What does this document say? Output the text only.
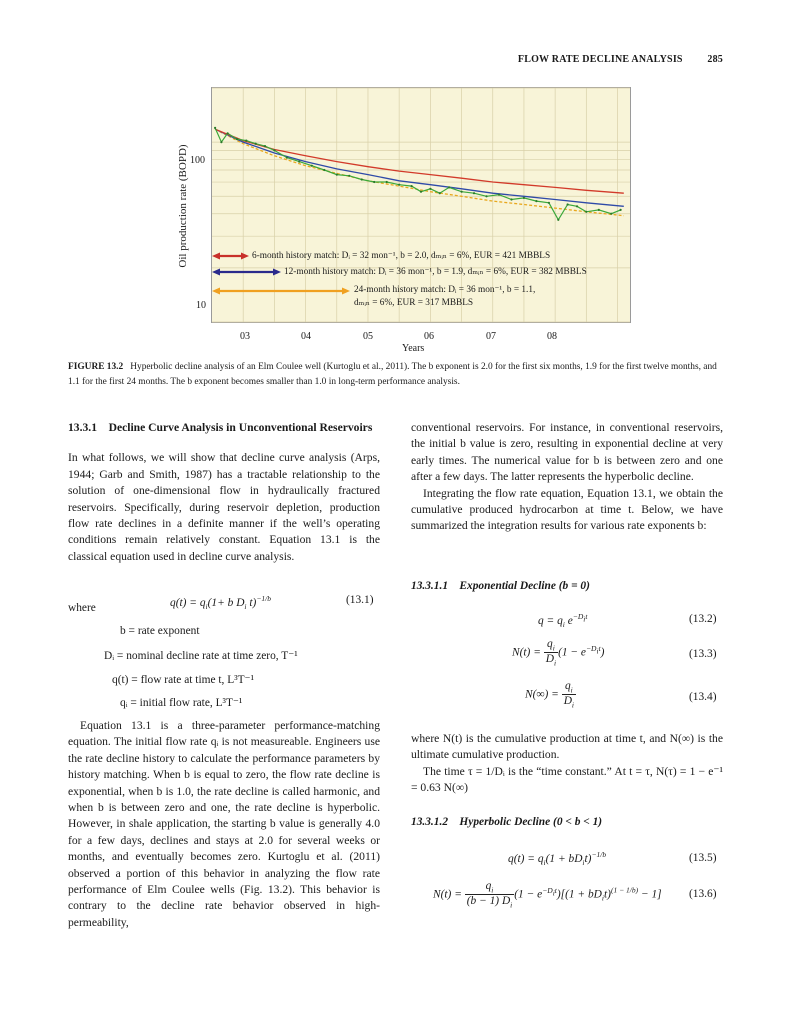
FLOW RATE DECLINE ANALYSIS 285
Oil production rate (BOPD) 100
10
03	04	05	06	07	08
Years
6-month history match: Dᵢ = 32 mon⁻¹, b = 2.0, dₘᵢₙ = 6%, EUR = 421 MBBLS
12-month history match: Dᵢ = 36 mon⁻¹, b = 1.9, dₘᵢₙ = 6%, EUR = 382 MBBLS
24-month history match: Dᵢ = 36 mon⁻¹, b = 1.1,
dₘᵢₙ = 6%, EUR = 317 MBBLS
FIGURE 13.2 Hyperbolic decline analysis of an Elm Coulee well (Kurtoglu et al., 2011). The b exponent is 2.0 for the first six months, 1.9 for the first twelve months, and 1.1 for the first 24 months. The b exponent becomes smaller than 1.0 in long-term performance analysis.
13.3.1 Decline Curve Analysis in Unconventional Reservoirs

In what follows, we will show that decline curve analysis (Arps, 1944; Garb and Smith, 1987) has a tractable relationship to the solution of one-dimensional flow in hydraulically fractured reservoirs. Specifically, during reservoir depletion, production flow rate declines in a definite manner if the well’s operating conditions remain relatively constant. Equation 13.1 is the classical equation used in decline curve analysis.

$q(t) = q_i(1+ b$ $D_i$ t)$^{-1/b}$	(13.1)
where
b = rate exponent
Dᵢ = nominal decline rate at time zero, T⁻¹
q(t) = flow rate at time t, L³T⁻¹
qᵢ = initial flow rate, L³T⁻¹
Equation 13.1 is a three-parameter performance-matching equation. The initial flow rate qᵢ is not measureable. Engineers use the rate decline history to calculate the performance parameters by history matching. When b is equal to zero, the flow rate decline is exponential, when b is 1.0, the rate decline is called harmonic, and when b is between zero and one, the rate decline is hyperbolic. However, in shale application, the starting b value is generally 4.0 for a few days, declines and stays at 2.0 for several weeks or months, and eventually becomes zero. Kurtoglu et al. (2011) observed a portion of this behavior in analyzing the flow rate performance of Elm Coulee wells (Fig. 13.2). This behavior is contrary to the decline rate behavior observed in high-permeability,

conventional reservoirs. For instance, in conventional reservoirs, the initial b value is zero, resulting in exponential decline at very early times. The numerical value for b is between zero and one after a few days. The latter represents the hyperbolic decline.

Integrating the flow rate equation, Equation 13.1, we obtain the cumulative produced hydrocarbon at time t. Below, we have summarized the integration results for various rate exponents b:

13.3.1.1 Exponential Decline (b = 0)
$q = q_i$ $e^{-D_it}$	(13.2)
$N(t) = \frac{q_i}{D_i} (1 - e^{-D_it})$	(13.3)
$N(\infty) = \frac{q_i}{D_i}$	(13.4)

where N(t) is the cumulative production at time t, and N(∞) is the ultimate cumulative production.

The time τ = 1/Dᵢ is the “time constant.” At t = τ, N(τ) = 1 − e⁻¹ = 0.63 N(∞)

13.3.1.2 Hyperbolic Decline (0 < b < 1)
$q(t) = q_i(1 + bD_it)^{-1/b}$	(13.5)
$N(t) = \frac{q_i}{(b - 1) D_i} (1 - e^{-D_it})[(1 + bD_it)^{(1 - 1/b)} - 1]$ (13.6)
